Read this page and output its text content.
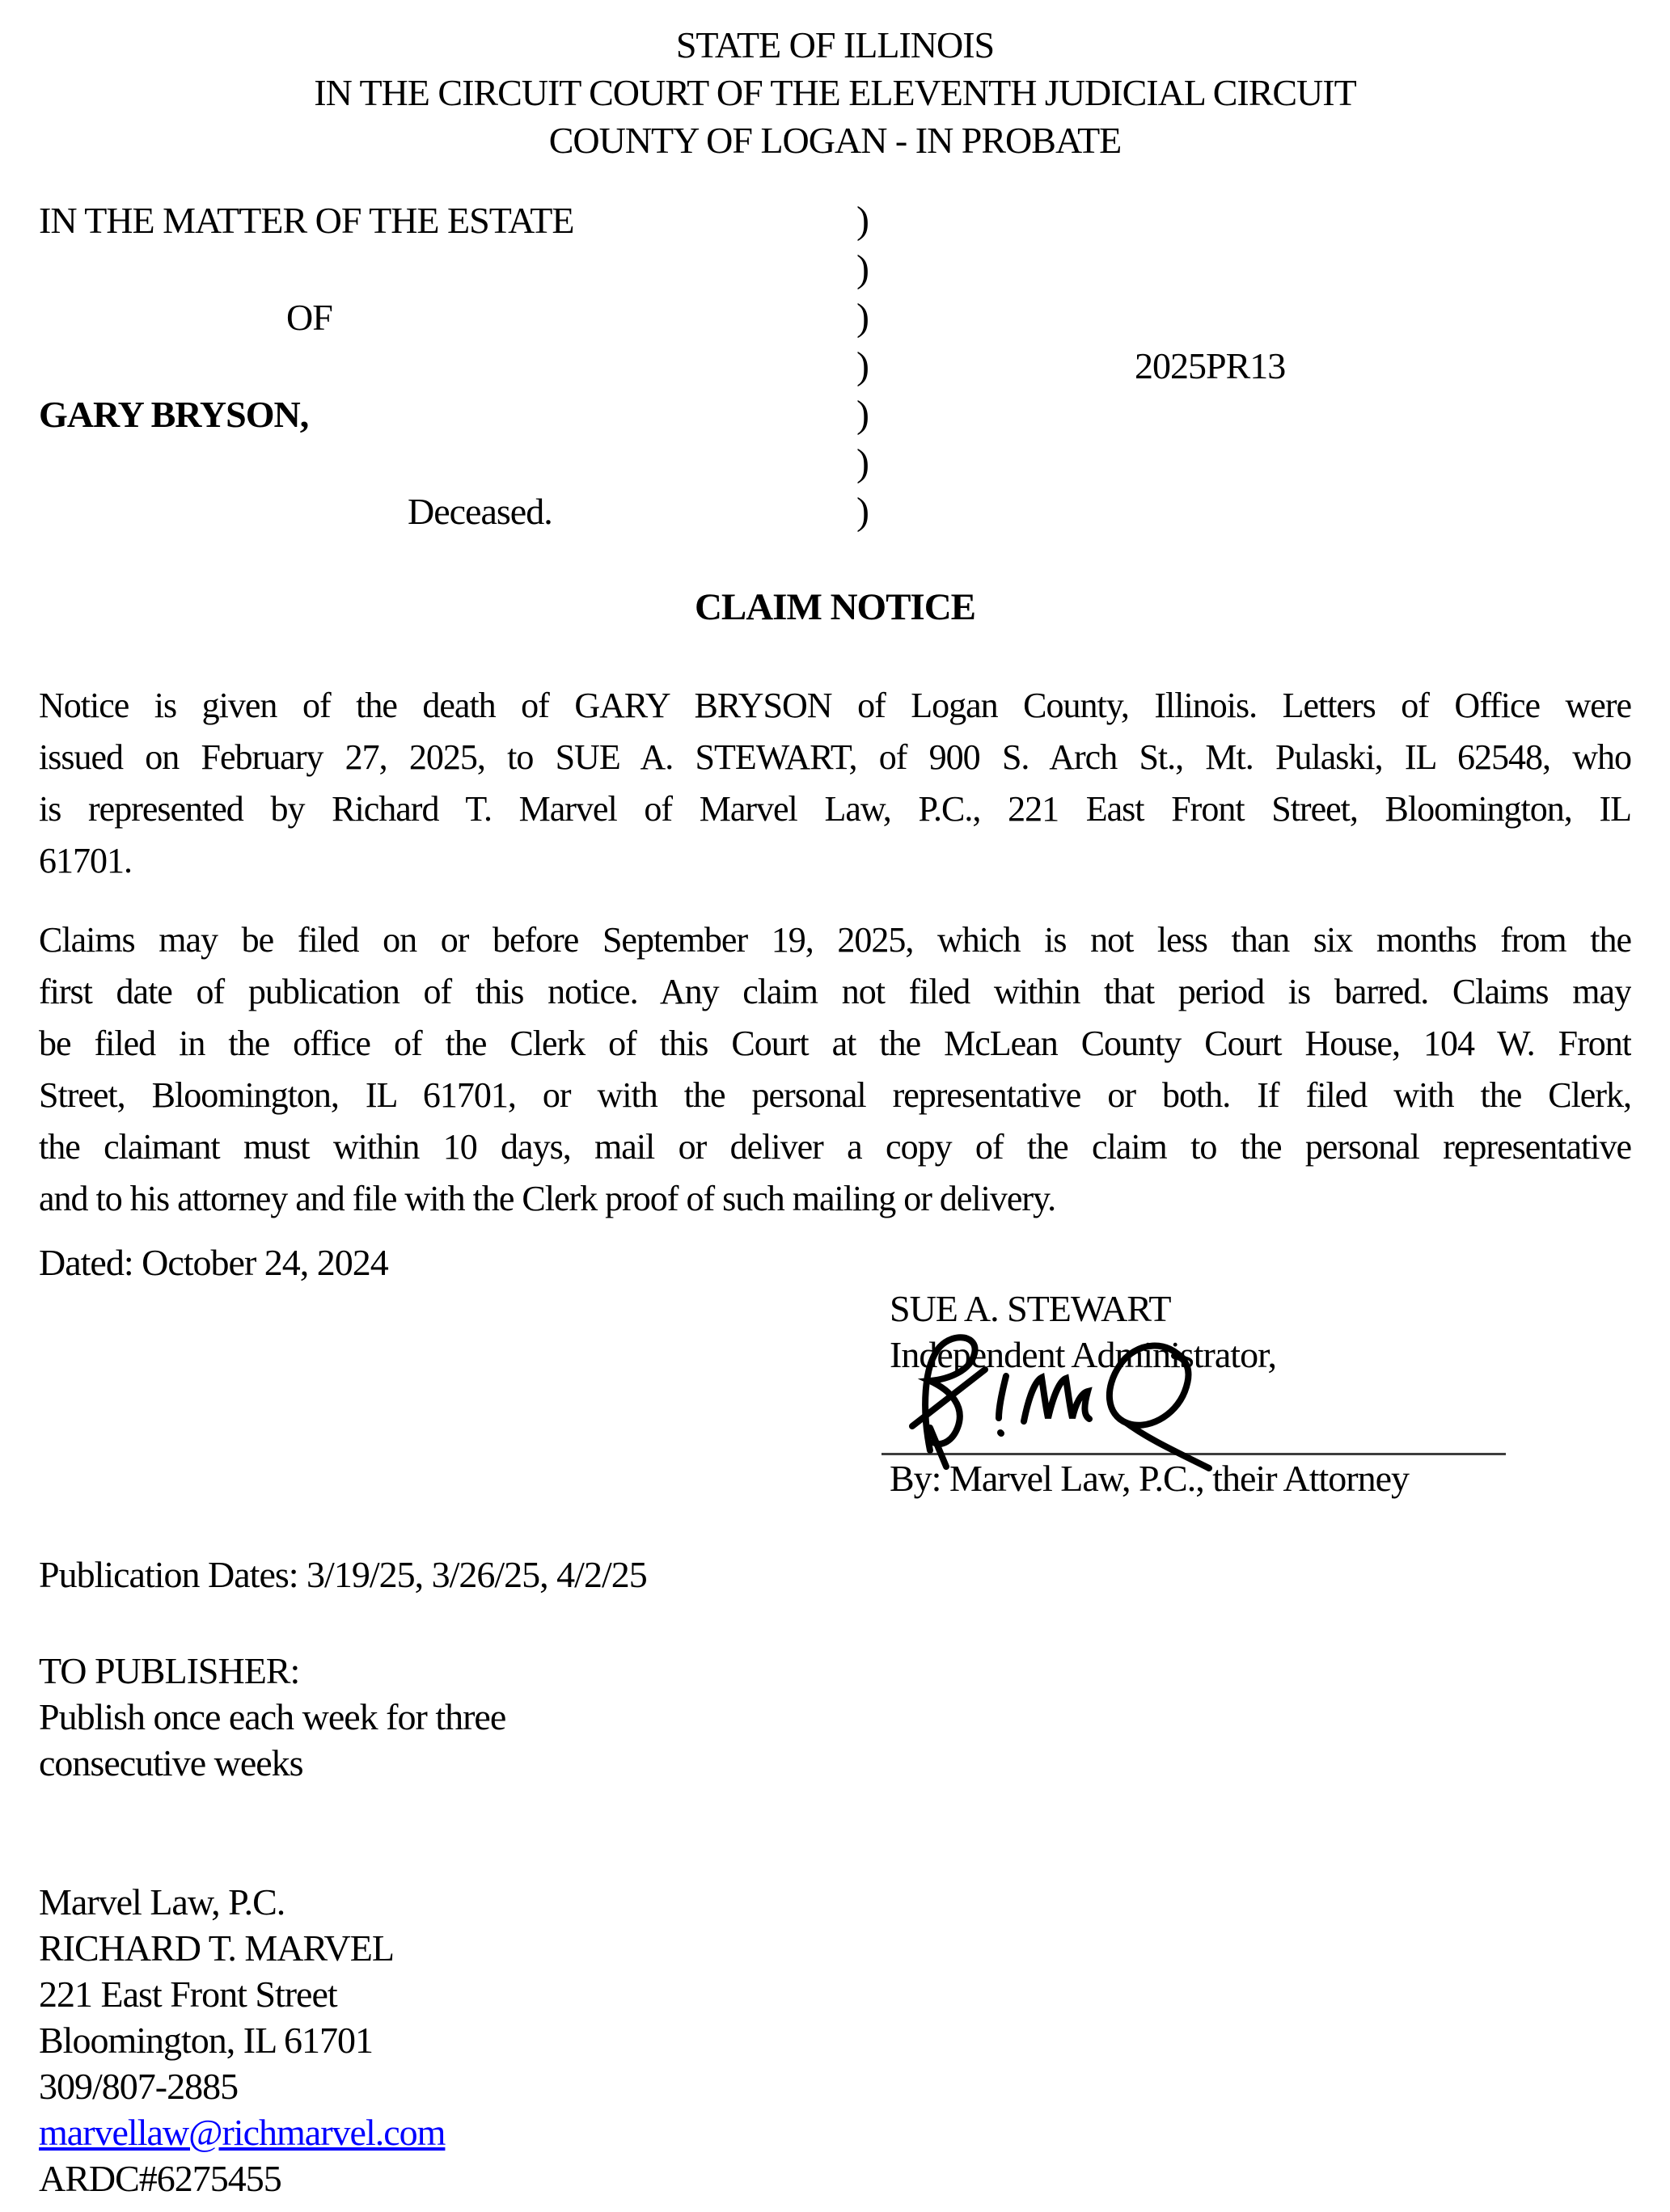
STATE OF ILLINOIS
IN THE CIRCUIT COURT OF THE ELEVENTH JUDICIAL CIRCUIT
COUNTY OF LOGAN - IN PROBATE
IN THE MATTER OF THE ESTATE	)
)
OF	)
)	2025PR13
GARY BRYSON,	)
)
Deceased.	)
CLAIM NOTICE
Notice is given of the death of GARY BRYSON of Logan County, Illinois. Letters of Office were
issued on February 27, 2025, to SUE A. STEWART, of 900 S. Arch St., Mt. Pulaski, IL 62548, who
is represented by Richard T. Marvel of Marvel Law, P.C., 221 East Front Street, Bloomington, IL
61701.
Claims may be filed on or before September 19, 2025, which is not less than six months from the
first date of publication of this notice. Any claim not filed within that period is barred. Claims may
be filed in the office of the Clerk of this Court at the McLean County Court House, 104 W. Front
Street, Bloomington, IL 61701, or with the personal representative or both. If filed with the Clerk,
the claimant must within 10 days, mail or deliver a copy of the claim to the personal representative
and to his attorney and file with the Clerk proof of such mailing or delivery.
Dated: October 24, 2024
SUE A. STEWART
Independent Administrator,
By: Marvel Law, P.C., their Attorney
Publication Dates: 3/19/25, 3/26/25, 4/2/25
TO PUBLISHER:
Publish once each week for three
consecutive weeks
Marvel Law, P.C.
RICHARD T. MARVEL
221 East Front Street
Bloomington, IL 61701
309/807-2885
marvellaw@richmarvel.com
ARDC#6275455
